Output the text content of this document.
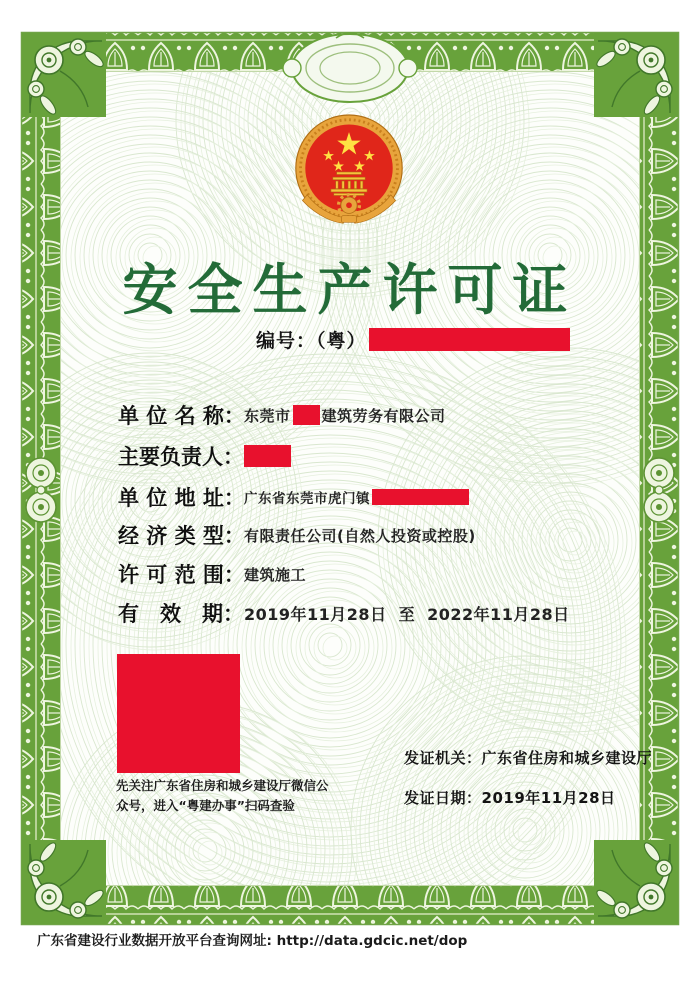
安全生产许可证
编号：（粤）
单 位 名 称： 东莞市 建筑劳务有限公司
主要负责人：
单 位 地 址： 广东省东莞市虎门镇
经 济 类 型： 有限责任公司(自然人投资或控股)
许 可 范 围： 建筑施工
有　效　期： 2019年11月28日 至 2022年11月28日
先关注广东省住房和城乡建设厅微信公众号，进入“粤建办事”扫码查验
发证机关：广东省住房和城乡建设厅
发证日期：2019年11月28日
广东省建设行业数据开放平台查询网址: http://data.gdcic.net/dop
